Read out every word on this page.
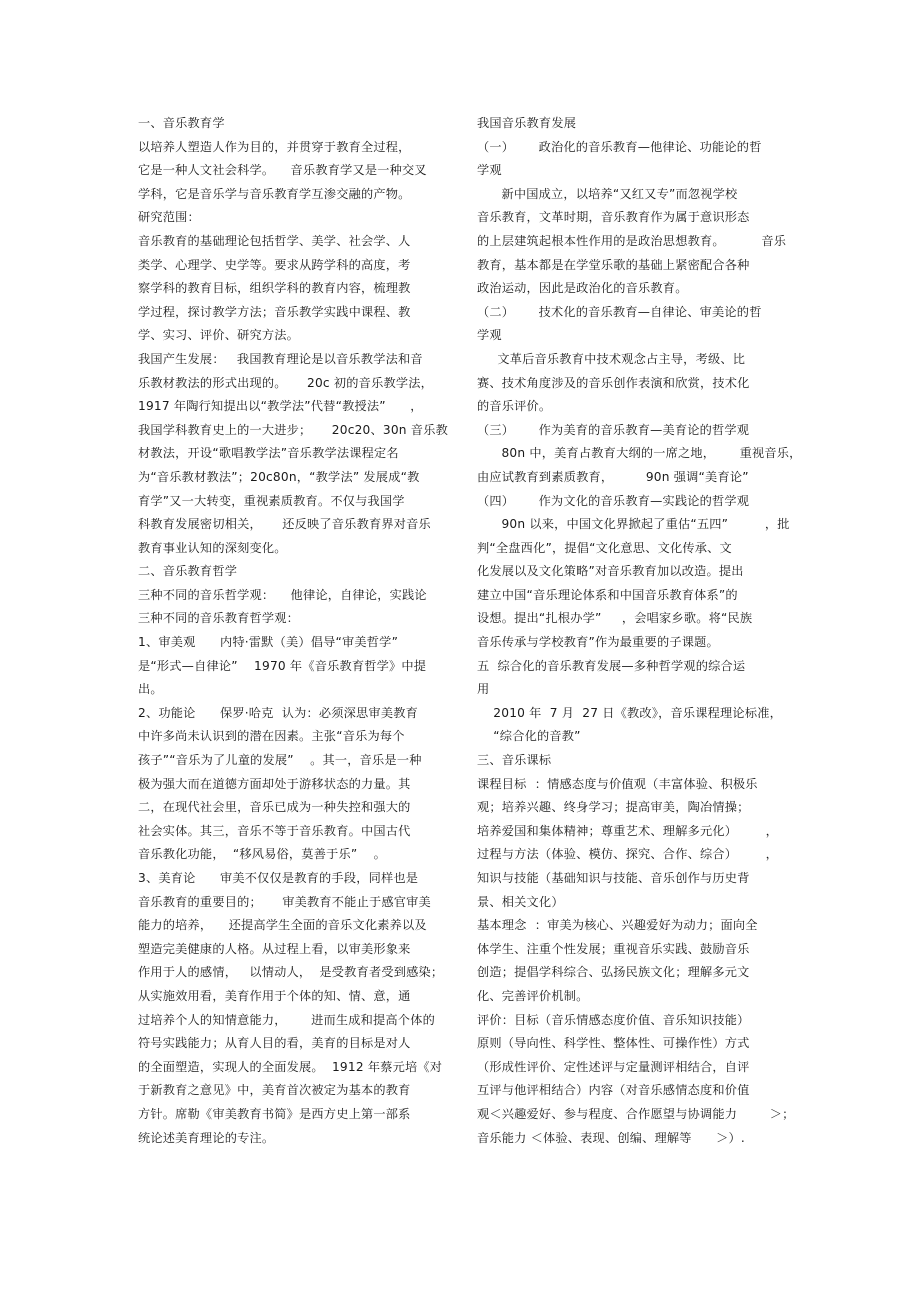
一、音乐教育学
以培养人塑造人作为目的，并贯穿于教育全过程，
它是一种人文社会科学。    音乐教育学又是一种交叉
学科，它是音乐学与音乐教育学互渗交融的产物。
研究范围：
音乐教育的基础理论包括哲学、美学、社会学、人
类学、心理学、史学等。要求从跨学科的高度，考
察学科的教育目标，组织学科的教育内容，梳理教
学过程，探讨教学方法；音乐教学实践中课程、教
学、实习、评价、研究方法。
我国产生发展：   我国教育理论是以音乐教学法和音
乐教材教法的形式出现的。     20c 初的音乐教学法，
1917 年陶行知提出以“教学法”代替“教授法”      ，
我国学科教育史上的一大进步；     20c20、30n 音乐教
材教法，开设“歌唱教学法”音乐教学法课程定名
为“音乐教材教法”；20c80n，“教学法” 发展成“教
育学”又一大转变，重视素质教育。不仅与我国学
科教育发展密切相关，     还反映了音乐教育界对音乐
教育事业认知的深刻变化。
二、音乐教育哲学
三种不同的音乐哲学观：    他律论，自律论，实践论
三种不同的音乐教育哲学观：
1、审美观      内特·雷默（美）倡导“审美哲学”
是“形式—自律论”    1970 年《音乐教育哲学》中提
出。
2、功能论      保罗·哈克  认为：必须深思审美教育
中许多尚未认识到的潜在因素。主张“音乐为每个
孩子”“音乐为了儿童的发展”    。其一，音乐是一种
极为强大而在道德方面却处于游移状态的力量。其
二，在现代社会里，音乐已成为一种失控和强大的
社会实体。其三，音乐不等于音乐教育。中国古代
音乐教化功能，  “移风易俗，莫善于乐”    。
3、美育论      审美不仅仅是教育的手段，同样也是
音乐教育的重要目的；     审美教育不能止于感官审美
能力的培养，    还提高学生全面的音乐文化素养以及
塑造完美健康的人格。从过程上看，以审美形象来
作用于人的感情，   以情动人，  是受教育者受到感染；
从实施效用看，美育作用于个体的知、情、意，通
过培养个人的知情意能力，      进而生成和提高个体的
符号实践能力；从育人目的看，美育的目标是对人
的全面塑造，实现人的全面发展。  1912 年蔡元培《对
于新教育之意见》中，美育首次被定为基本的教育
方针。席勒《审美教育书简》是西方史上第一部系
统论述美育理论的专注。
我国音乐教育发展
（一）      政治化的音乐教育—他律论、功能论的哲
学观
新中国成立，以培养“又红又专”而忽视学校
音乐教育，文革时期，音乐教育作为属于意识形态
的上层建筑起根本性作用的是政治思想教育。         音乐
教育，基本都是在学堂乐歌的基础上紧密配合各种
政治运动，因此是政治化的音乐教育。
（二）      技术化的音乐教育—自律论、审美论的哲
学观
文革后音乐教育中技术观念占主导，考级、比
赛、技术角度涉及的音乐创作表演和欣赏，技术化
的音乐评价。
（三）      作为美育的音乐教育—美育论的哲学观
80n 中，美育占教育大纲的一席之地，      重视音乐，
由应试教育到素质教育，        90n 强调“美育论”
（四）      作为文化的音乐教育—实践论的哲学观
90n 以来，中国文化界掀起了重估“五四”         ，批
判“全盘西化”，提倡“文化意思、文化传承、文
化发展以及文化策略”对音乐教育加以改造。提出
建立中国“音乐理论体系和中国音乐教育体系”的
设想。提出“扎根办学”     ，会唱家乡歌。将“民族
音乐传承与学校教育”作为最重要的子课题。
五  综合化的音乐教育发展—多种哲学观的综合运
用
2010 年  7 月  27 日《教改》，音乐课程理论标准，
“综合化的音教”
三、音乐课标
课程目标  ：情感态度与价值观（丰富体验、积极乐
观；培养兴趣、终身学习；提高审美，陶冶情操；
培养爱国和集体精神；尊重艺术、理解多元化）       ，
过程与方法（体验、模仿、探究、合作、综合）       ，
知识与技能（基础知识与技能、音乐创作与历史背
景、相关文化）
基本理念  ：审美为核心、兴趣爱好为动力；面向全
体学生、注重个性发展；重视音乐实践、鼓励音乐
创造；提倡学科综合、弘扬民族文化；理解多元文
化、完善评价机制。
评价：目标（音乐情感态度价值、音乐知识技能）
原则（导向性、科学性、整体性、可操作性）方式
（形成性评价、定性述评与定量测评相结合，自评
互评与他评相结合）内容（对音乐感情态度和价值
观＜兴趣爱好、参与程度、合作愿望与协调能力        ＞；
音乐能力 ＜体验、表现、创编、理解等      ＞）.
